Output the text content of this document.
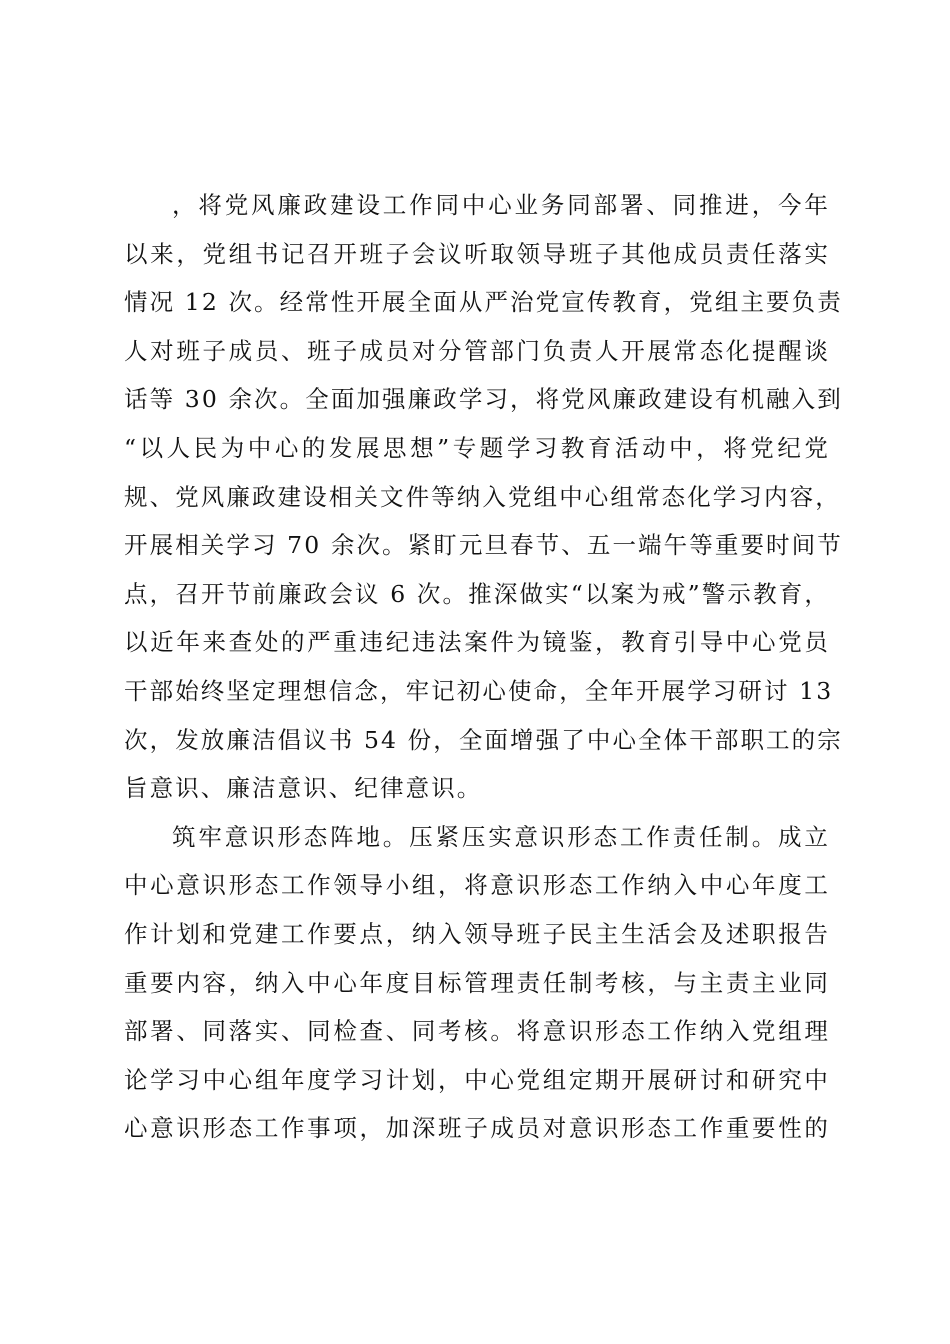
，将党风廉政建设工作同中心业务同部署、同推进，今年
以来，党组书记召开班子会议听取领导班子其他成员责任落实
情况 12 次。经常性开展全面从严治党宣传教育，党组主要负责
人对班子成员、班子成员对分管部门负责人开展常态化提醒谈
话等 30 余次。全面加强廉政学习，将党风廉政建设有机融入到
“以人民为中心的发展思想”专题学习教育活动中，将党纪党
规、党风廉政建设相关文件等纳入党组中心组常态化学习内容，
开展相关学习 70 余次。紧盯元旦春节、五一端午等重要时间节
点，召开节前廉政会议 6 次。推深做实“以案为戒”警示教育，
以近年来查处的严重违纪违法案件为镜鉴，教育引导中心党员
干部始终坚定理想信念，牢记初心使命，全年开展学习研讨 13
次，发放廉洁倡议书 54 份，全面增强了中心全体干部职工的宗
旨意识、廉洁意识、纪律意识。
筑牢意识形态阵地。压紧压实意识形态工作责任制。成立
中心意识形态工作领导小组，将意识形态工作纳入中心年度工
作计划和党建工作要点，纳入领导班子民主生活会及述职报告
重要内容，纳入中心年度目标管理责任制考核，与主责主业同
部署、同落实、同检查、同考核。将意识形态工作纳入党组理
论学习中心组年度学习计划，中心党组定期开展研讨和研究中
心意识形态工作事项，加深班子成员对意识形态工作重要性的
